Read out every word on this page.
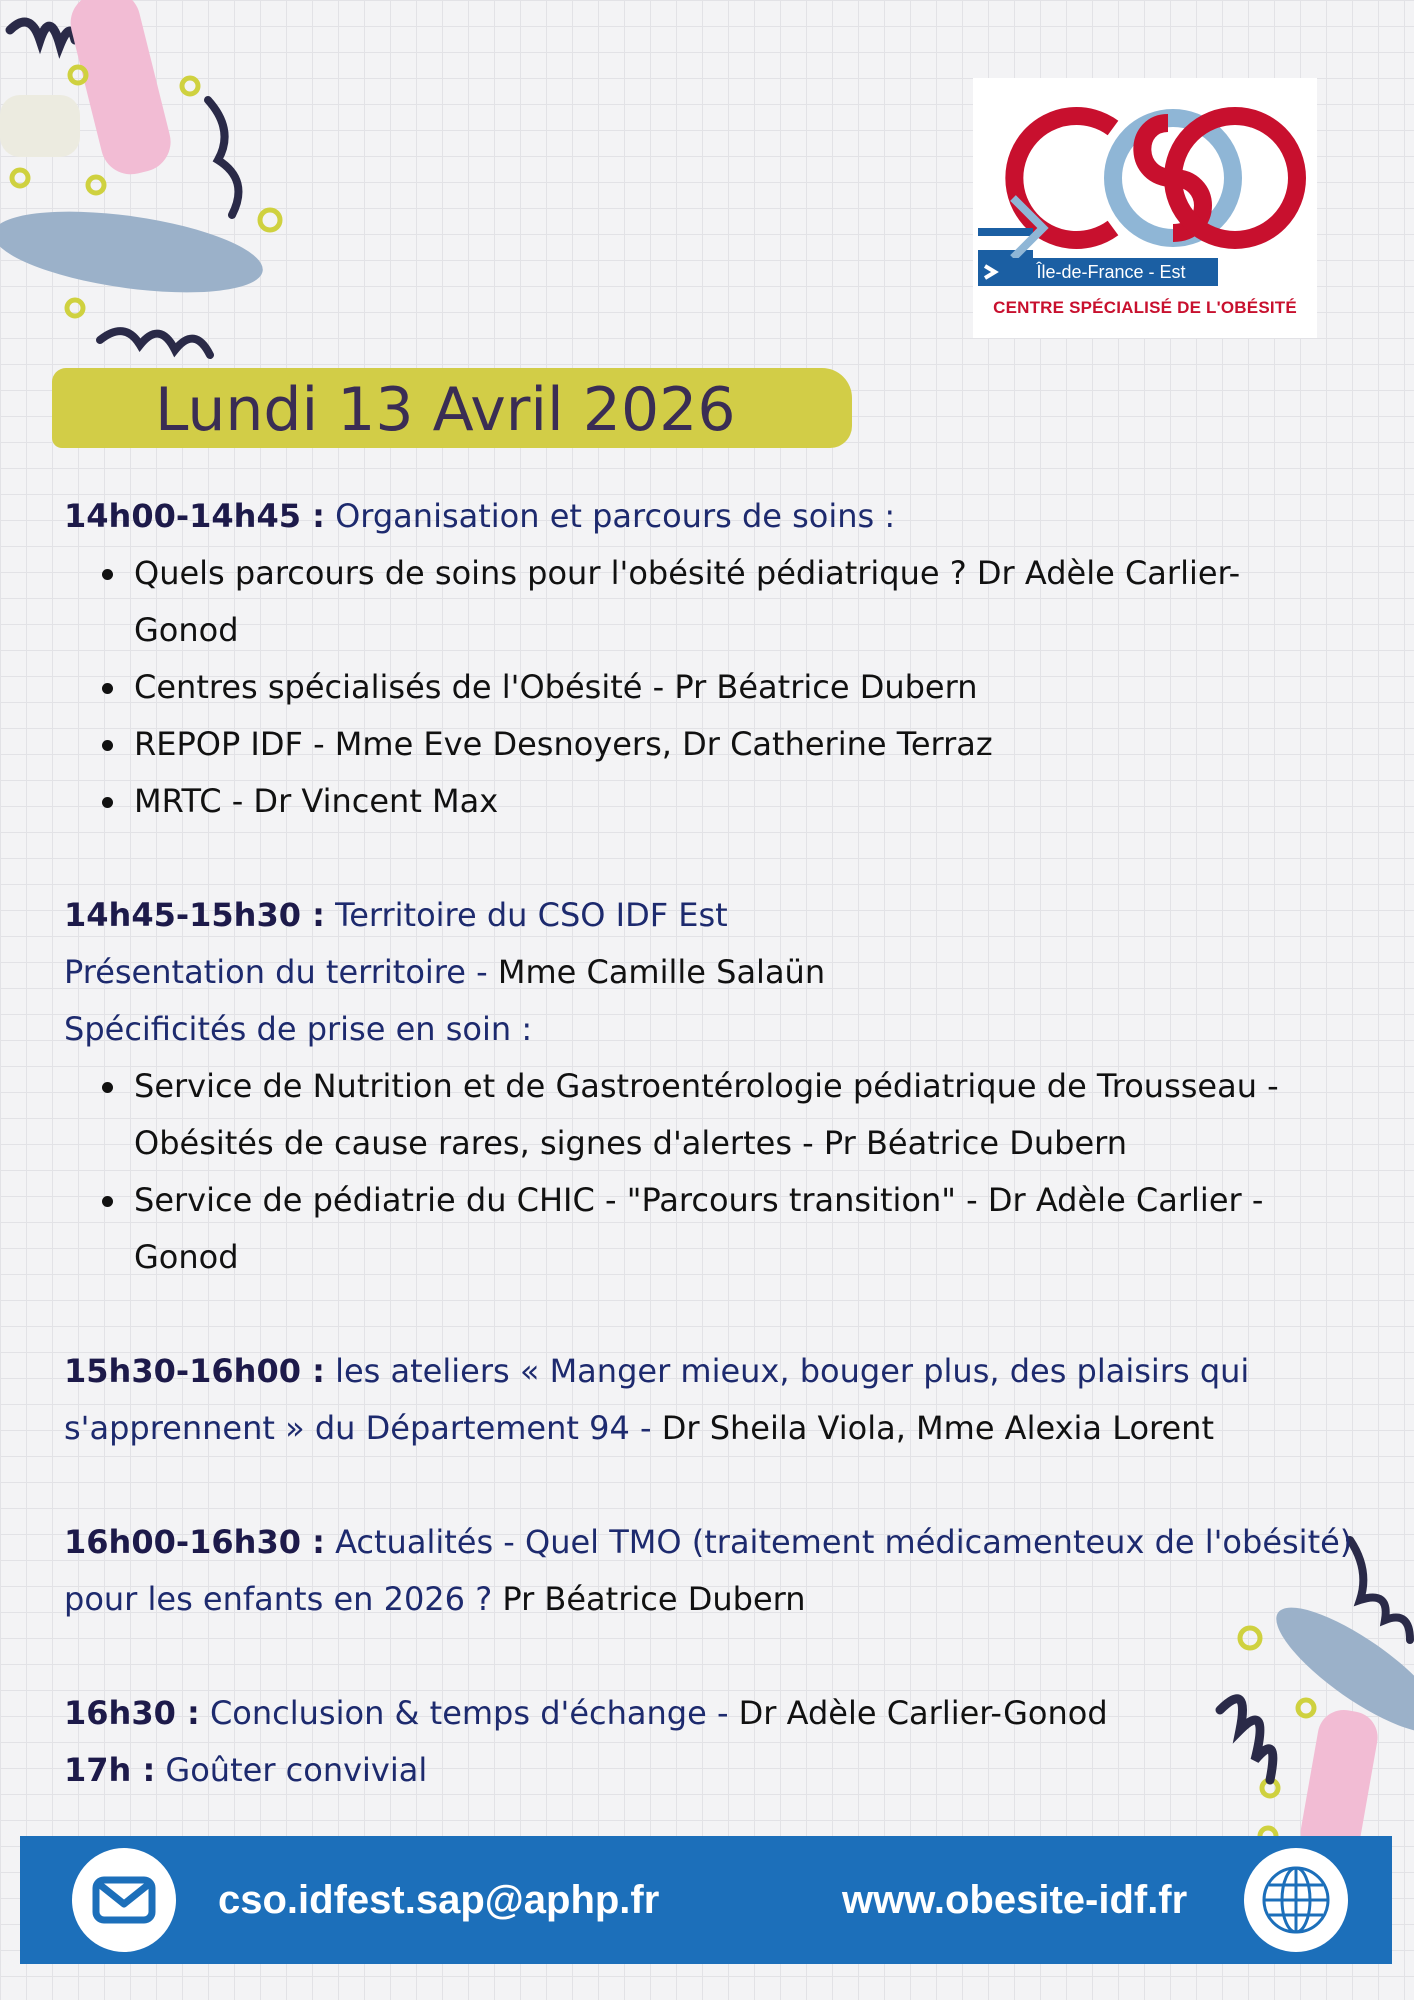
Île-de-France - Est
CENTRE SPÉCIALISÉ DE L'OBÉSITÉ
Lundi 13 Avril 2026

14h00-14h45 : Organisation et parcours de soins :

Quels parcours de soins pour l'obésité pédiatrique ? Dr Adèle Carlier-
Gonod
Centres spécialisés de l'Obésité - Pr Béatrice Dubern
REPOP IDF - Mme Eve Desnoyers, Dr Catherine Terraz
MRTC - Dr Vincent Max

14h45-15h30 : Territoire du CSO IDF Est

Présentation du territoire - Mme Camille Salaün

Spécificités de prise en soin :

Service de Nutrition et de Gastroentérologie pédiatrique de Trousseau -
Obésités de cause rares, signes d'alertes - Pr Béatrice Dubern
Service de pédiatrie du CHIC - "Parcours transition" - Dr Adèle Carlier -
Gonod

15h30-16h00 : les ateliers « Manger mieux, bouger plus, des plaisirs qui

s'apprennent » du Département 94 - Dr Sheila Viola, Mme Alexia Lorent

16h00-16h30 : Actualités - Quel TMO (traitement médicamenteux de l'obésité)

pour les enfants en 2026 ? Pr Béatrice Dubern

16h30 : Conclusion & temps d'échange - Dr Adèle Carlier-Gonod

17h : Goûter convivial

cso.idfest.sap@aphp.fr	www.obesite-idf.fr
